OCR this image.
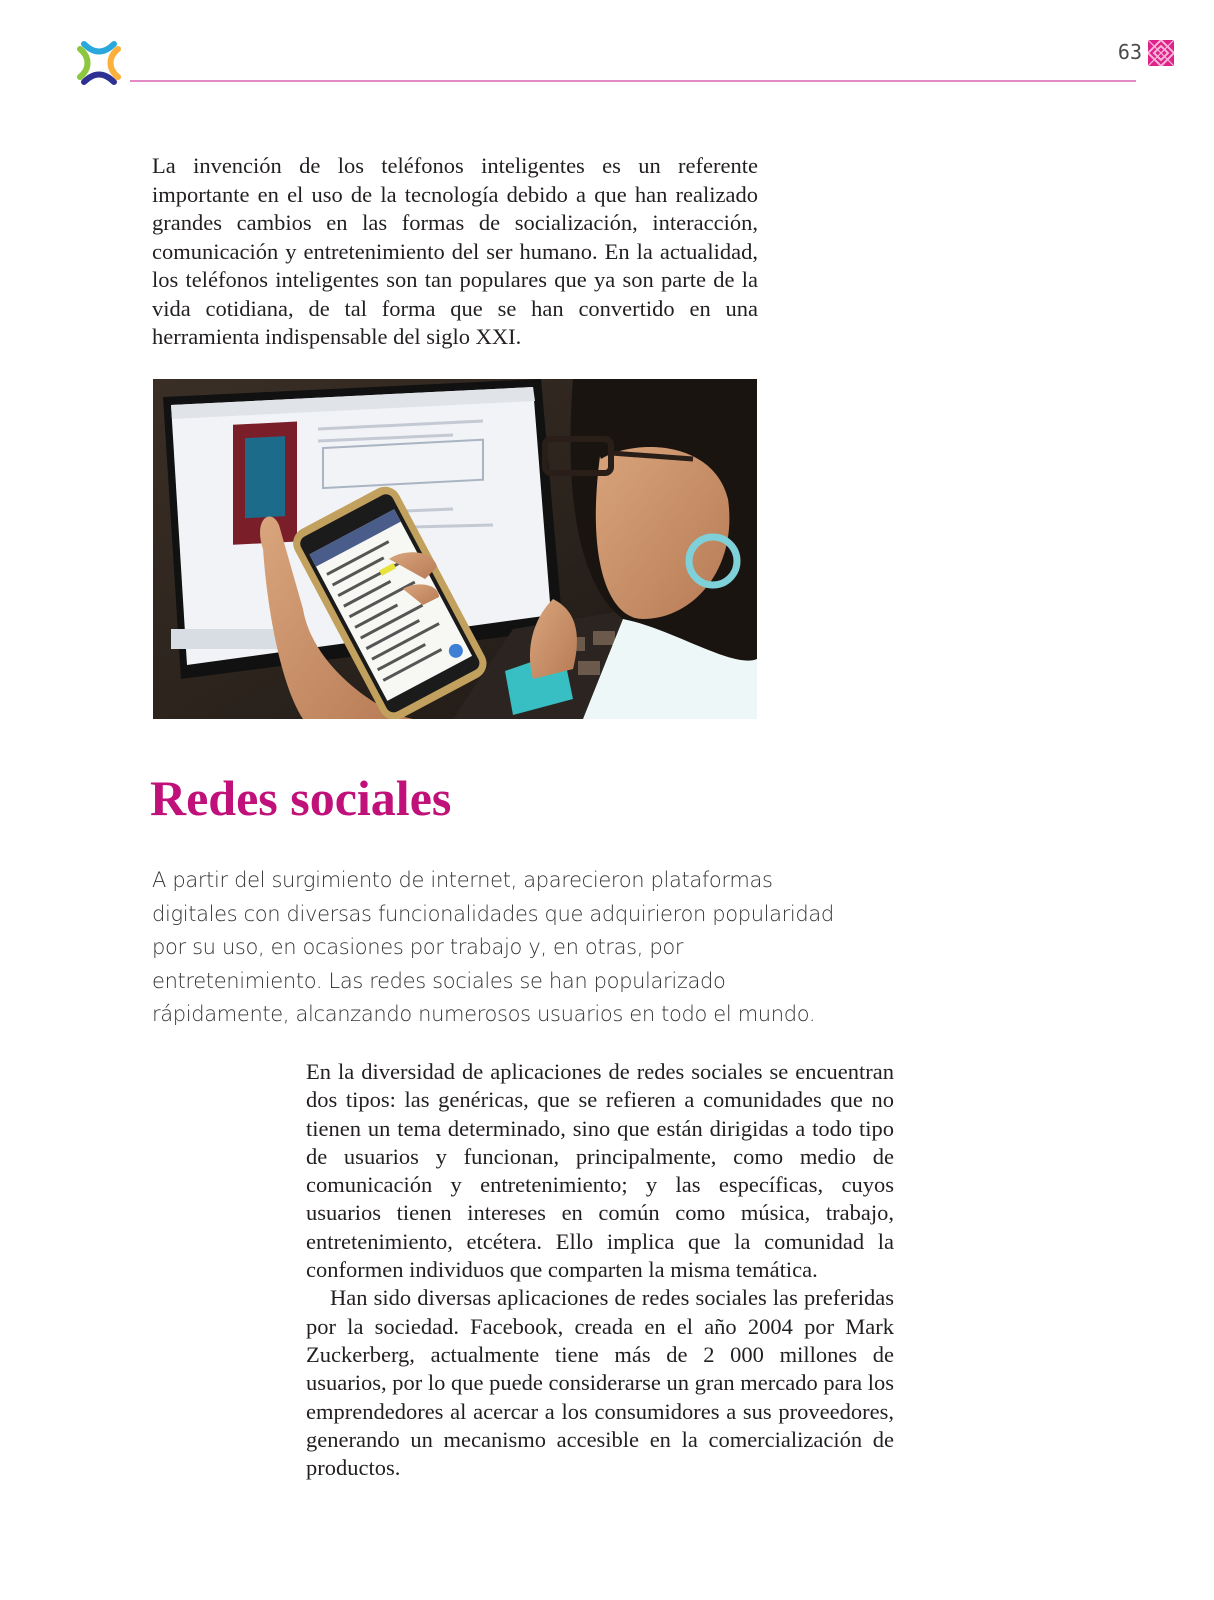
63

La invención de los teléfonos inteligentes es un referente importante en el uso de la tecnología debido a que han realizado grandes cambios en las formas de socialización, interacción, comunicación y entretenimiento del ser humano. En la actualidad, los teléfonos inteligentes son tan populares que ya son parte de la vida cotidiana, de tal forma que se han convertido en una herramienta indispensable del siglo XXI.

Redes sociales

A partir del surgimiento de internet, aparecieron plataformas digitales con diversas funcionalidades que adquirieron popularidad por su uso, en ocasiones por trabajo y, en otras, por entretenimiento. Las redes sociales se han popularizado rápidamente, alcanzando numerosos usuarios en todo el mundo.

En la diversidad de aplicaciones de redes sociales se encuentran dos tipos: las genéricas, que se refieren a comunidades que no tienen un tema determinado, sino que están dirigidas a todo tipo de usuarios y funcionan, principalmente, como medio de comunicación y entretenimiento; y las específicas, cuyos usuarios tienen intereses en común como música, trabajo, entretenimiento, etcétera. Ello implica que la comunidad la conformen individuos que comparten la misma temática.

Han sido diversas aplicaciones de redes sociales las preferidas por la sociedad. Facebook, creada en el año 2004 por Mark Zuckerberg, actualmente tiene más de 2 000 millones de usuarios, por lo que puede considerarse un gran mercado para los emprendedores al acercar a los consumidores a sus proveedores, generando un mecanismo accesible en la comercialización de productos.
